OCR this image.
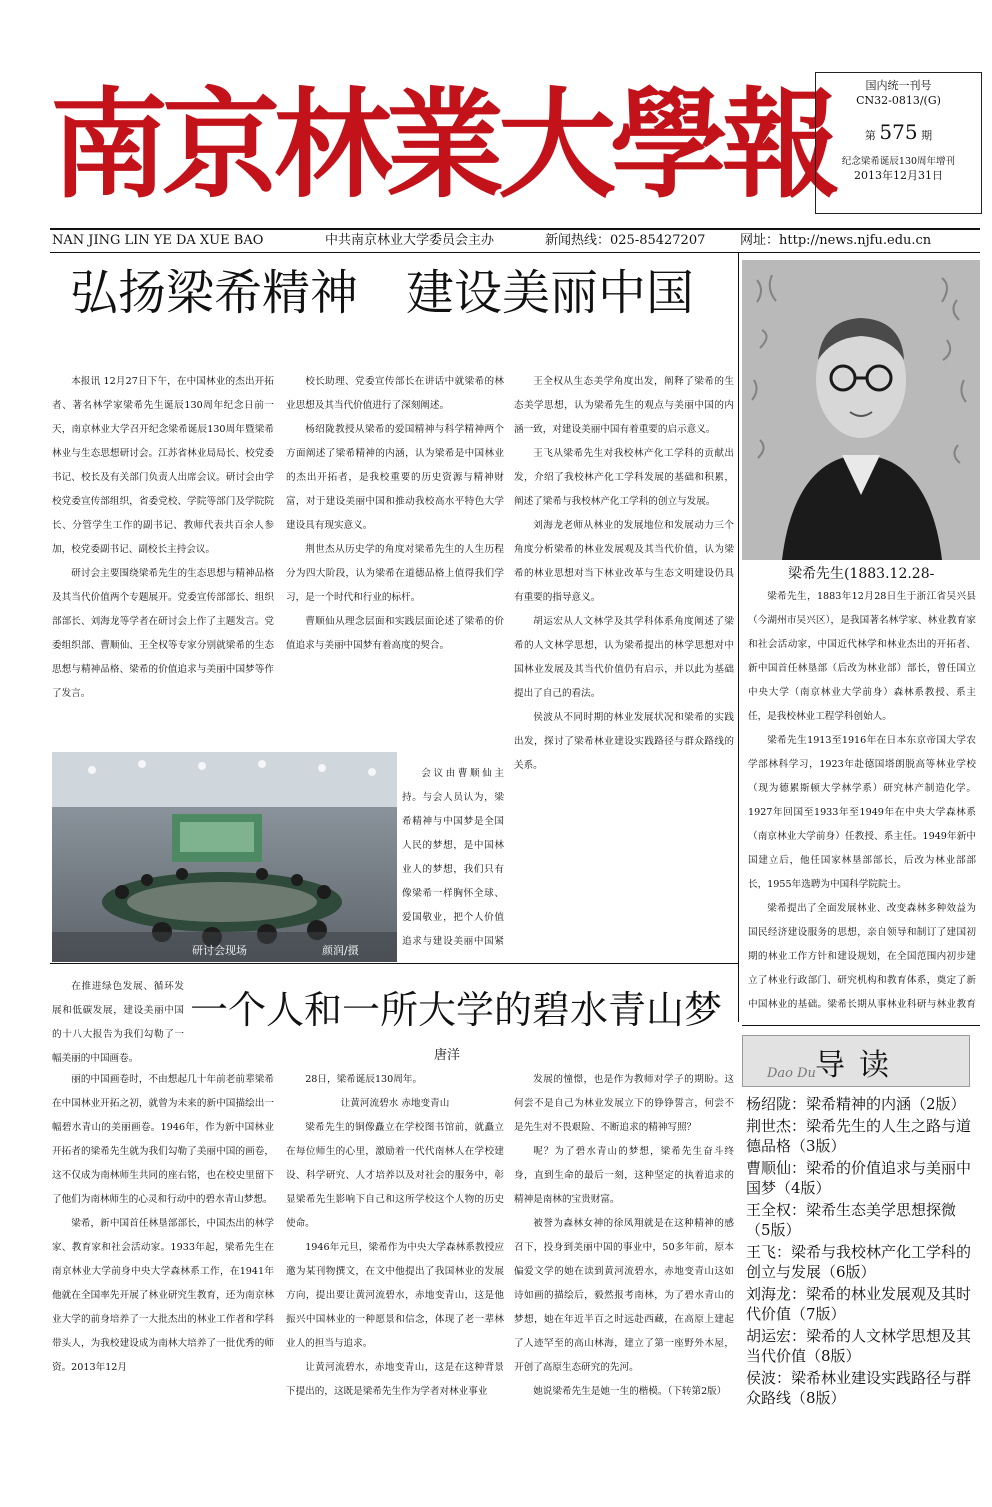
南京林業大學報	国内统一刊号
CN32-0813/(G)
第 575 期
纪念梁希诞辰130周年增刊
2013年12月31日
NAN JING LIN YE DA XUE BAO	中共南京林业大学委员会主办	新闻热线：025-85427207	网址：http://news.njfu.edu.cn
弘扬梁希精神　建设美丽中国

本报讯 12月27日下午，在中国林业的杰出开拓者、著名林学家梁希先生诞辰130周年纪念日前一天，南京林业大学召开纪念梁希诞辰130周年暨梁希林业与生态思想研讨会。江苏省林业局局长、校党委书记、校长及有关部门负责人出席会议。研讨会由学校党委宣传部组织，省委党校、学院等部门及学院院长、分管学生工作的副书记、教师代表共百余人参加，校党委副书记、副校长主持会议。

研讨会主要围绕梁希先生的生态思想与精神品格及其当代价值两个专题展开。党委宣传部部长、组织部部长、刘海龙等学者在研讨会上作了主题发言。党委组织部、曹顺仙、王全权等专家分别就梁希的生态思想与精神品格、梁希的价值追求与美丽中国梦等作了发言。

校长助理、党委宣传部长在讲话中就梁希的林业思想及其当代价值进行了深刻阐述。

杨绍陇教授从梁希的爱国精神与科学精神两个方面阐述了梁希精神的内涵，认为梁希是中国林业的杰出开拓者，是我校重要的历史资源与精神财富，对于建设美丽中国和推动我校高水平特色大学建设具有现实意义。

荆世杰从历史学的角度对梁希先生的人生历程分为四大阶段，认为梁希在道德品格上值得我们学习，是一个时代和行业的标杆。

曹顺仙从理念层面和实践层面论述了梁希的价值追求与美丽中国梦有着高度的契合。

会议由曹顺仙主持。与会人员认为，梁希精神与中国梦是全国人民的梦想，是中国林业人的梦想，我们只有像梁希一样胸怀全球、爱国敬业，把个人价值追求与建设美丽中国紧

王全权从生态美学角度出发，阐释了梁希的生态美学思想，认为梁希先生的观点与美丽中国的内涵一致，对建设美丽中国有着重要的启示意义。

王飞从梁希先生对我校林产化工学科的贡献出发，介绍了我校林产化工学科发展的基础和积累，阐述了梁希与我校林产化工学科的创立与发展。

刘海龙老师从林业的发展地位和发展动力三个角度分析梁希的林业发展观及其当代价值，认为梁希的林业思想对当下林业改革与生态文明建设仍具有重要的指导意义。

胡运宏从人文林学及其学科体系角度阐述了梁希的人文林学思想，认为梁希提出的林学思想对中国林业发展及其当代价值仍有启示，并以此为基础提出了自己的看法。

侯波从不同时期的林业发展状况和梁希的实践出发，探讨了梁希林业建设实践路径与群众路线的关系。

研讨会现场	颜润/摄
梁希先生(1883.12.28-

梁希先生，1883年12月28日生于浙江省吴兴县（今湖州市吴兴区），是我国著名林学家、林业教育家和社会活动家，中国近代林学和林业杰出的开拓者、新中国首任林垦部（后改为林业部）部长，曾任国立中央大学（南京林业大学前身）森林系教授、系主任，是我校林业工程学科创始人。

梁希先生1913至1916年在日本东京帝国大学农学部林科学习，1923年赴德国塔朗脱高等林业学校（现为德累斯顿大学林学系）研究林产制造化学。1927年回国至1933年至1949年在中央大学森林系（南京林业大学前身）任教授、系主任。1949年新中国建立后，他任国家林垦部部长，后改为林业部部长，1955年选聘为中国科学院院士。

梁希提出了全面发展林业、改变森林多种效益为国民经济建设服务的思想，亲自领导和制订了建国初期的林业工作方针和建设规划，在全国范围内初步建立了林业行政部门、研究机构和教育体系，奠定了新中国林业的基础。梁希长期从事林业科研与林业教育

在推进绿色发展、循环发展和低碳发展，建设美丽中国的十八大报告为我们勾勒了一幅美丽的中国画卷。

一个人和一所大学的碧水青山梦
唐洋

丽的中国画卷时，不由想起几十年前老前辈梁希在中国林业开拓之初，就曾为未来的新中国描绘出一幅碧水青山的美丽画卷。1946年，作为新中国林业开拓者的梁希先生就为我们勾勒了美丽中国的画卷，这不仅成为南林师生共同的座右铭，也在校史里留下了他们为南林师生的心灵和行动中的碧水青山梦想。

梁希，新中国首任林垦部部长，中国杰出的林学家、教育家和社会活动家。1933年起，梁希先生在南京林业大学前身中央大学森林系工作，在1941年他就在全国率先开展了林业研究生教育，还为南京林业大学的前身培养了一大批杰出的林业工作者和学科带头人，为我校建设成为南林大培养了一批优秀的师资。2013年12月

28日，梁希诞辰130周年。

让黄河流碧水 赤地变青山

梁希先生的铜像矗立在学校图书馆前，就矗立在每位师生的心里，激励着一代代南林人在学校建设、科学研究、人才培养以及对社会的服务中，彰显梁希先生影响下自己和这所学校这个人物的历史使命。

1946年元旦，梁希作为中央大学森林系教授应邀为某刊物撰文，在文中他提出了我国林业的发展方向，提出要让黄河流碧水，赤地变青山，这是他振兴中国林业的一种愿景和信念，体现了老一辈林业人的担当与追求。

让黄河流碧水，赤地变青山，这是在这种背景下提出的，这既是梁希先生作为学者对林业事业

发展的憧憬，也是作为教师对学子的期盼。这何尝不是自己为林业发展立下的铮铮誓言，何尝不是先生对不畏艰险、不断追求的精神写照？

呢？为了碧水青山的梦想，梁希先生奋斗终身，直到生命的最后一刻，这种坚定的执着追求的精神是南林的宝贵财富。

被誉为森林女神的徐凤翔就是在这种精神的感召下，投身到美丽中国的事业中，50多年前，原本偏爱文学的她在读到黄河流碧水，赤地变青山这如诗如画的描绘后，毅然报考南林，为了碧水青山的梦想，她在年近半百之时远赴西藏，在高原上建起了人迹罕至的高山林海，建立了第一座野外木屋，开创了高原生态研究的先河。

她说梁希先生是她一生的楷模。（下转第2版）

导读
Dao Du
杨绍陇：梁希精神的内涵（2版）
荆世杰：梁希先生的人生之路与道德品格（3版）
曹顺仙：梁希的价值追求与美丽中国梦（4版）
王全权：梁希生态美学思想探微（5版）
王飞：梁希与我校林产化工学科的创立与发展（6版）
刘海龙：梁希的林业发展观及其时代价值（7版）
胡运宏：梁希的人文林学思想及其当代价值（8版）
侯波：梁希林业建设实践路径与群众路线（8版）
